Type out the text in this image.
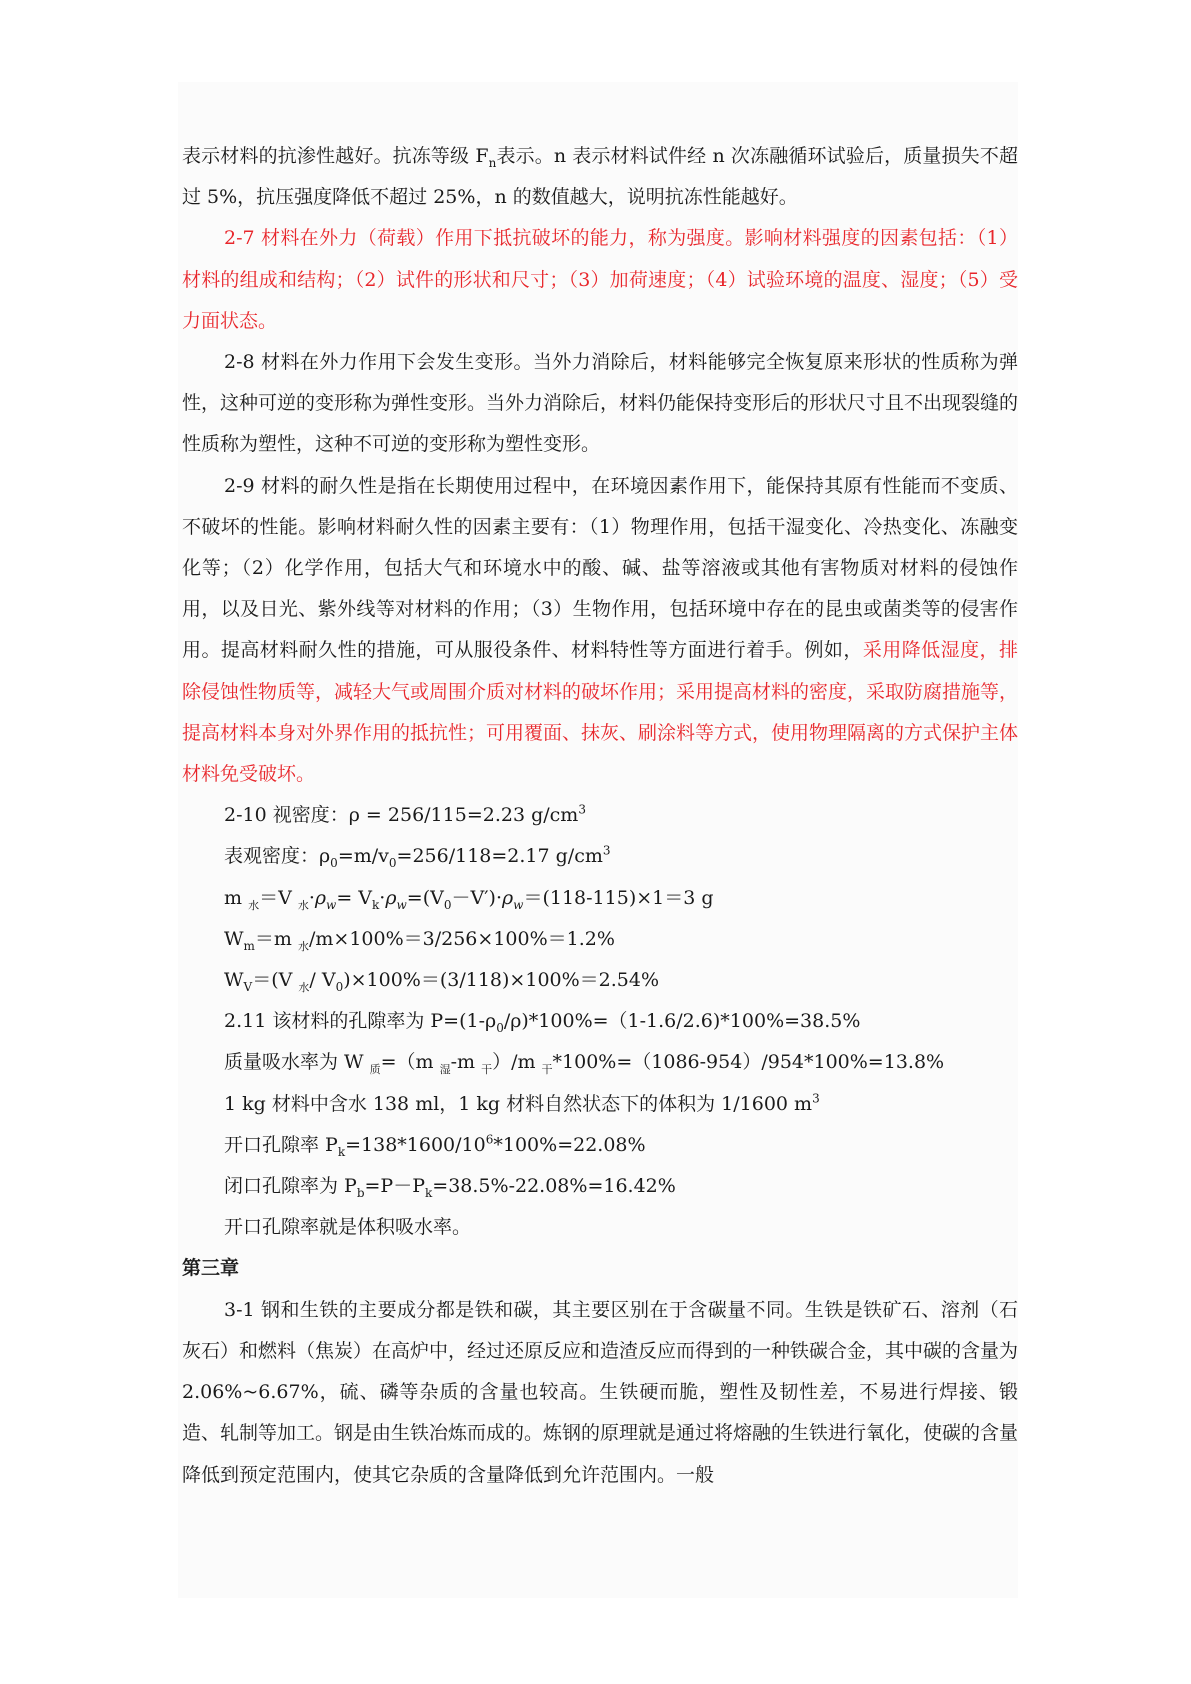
表示材料的抗渗性越好。抗冻等级 $F_n$表示。n 表示材料试件经 n 次冻融循环试验后，质量损失不超过 5%，抗压强度降低不超过 25%，n 的数值越大，说明抗冻性能越好。

2-7 材料在外力（荷载）作用下抵抗破坏的能力，称为强度。影响材料强度的因素包括：（1）材料的组成和结构；（2）试件的形状和尺寸；（3）加荷速度；（4）试验环境的温度、湿度；（5）受力面状态。

2-8 材料在外力作用下会发生变形。当外力消除后，材料能够完全恢复原来形状的性质称为弹性，这种可逆的变形称为弹性变形。当外力消除后，材料仍能保持变形后的形状尺寸且不出现裂缝的性质称为塑性，这种不可逆的变形称为塑性变形。

2-9 材料的耐久性是指在长期使用过程中，在环境因素作用下，能保持其原有性能而不变质、不破坏的性能。影响材料耐久性的因素主要有：（1）物理作用，包括干湿变化、冷热变化、冻融变化等；（2）化学作用，包括大气和环境水中的酸、碱、盐等溶液或其他有害物质对材料的侵蚀作用，以及日光、紫外线等对材料的作用；（3）生物作用，包括环境中存在的昆虫或菌类等的侵害作用。提高材料耐久性的措施，可从服役条件、材料特性等方面进行着手。例如，采用降低湿度，排除侵蚀性物质等，减轻大气或周围介质对材料的破坏作用；采用提高材料的密度，采取防腐措施等，提高材料本身对外界作用的抵抗性；可用覆面、抹灰、刷涂料等方式，使用物理隔离的方式保护主体材料免受破坏。

2-10 视密度：ρ = 256/115=2.23 $g/cm^3$

表观密度：$\rho_0=m/v_0=256/118=2.17$ $g/cm^3$

m $_水$＝V $_水\cdot\rho_w= V_k\cdot\rho_w=(V_0-V')\cdot\rho_w=(118-115)\times 1=3$ g

$W_m=m$ $_水$/m×100%＝3/256×100%＝1.2%

$W_V=(V$ $_水$/ $V_0)\times 100\%=(3/118)\times 100\%=2.54\%$

2.11 该材料的孔隙率为 $P=(1-\rho_0/\rho)*100\%=(1-1.6/2.6)*100\%=38.5\%$

质量吸水率为 W $_质$=（m $_湿$-m $_干$）/m $_干$*100%=（1086-954）/954*100%=13.8%

1 kg 材料中含水 138 ml，1 kg 材料自然状态下的体积为 1/1600 $m^3$

开口孔隙率 $P_k=138*1600/10^6*100\%=22.08\%$

闭口孔隙率为 $P_b=P-P_k=38.5\%-22.08\%=16.42\%$

开口孔隙率就是体积吸水率。

第三章

3-1 钢和生铁的主要成分都是铁和碳，其主要区别在于含碳量不同。生铁是铁矿石、溶剂（石灰石）和燃料（焦炭）在高炉中，经过还原反应和造渣反应而得到的一种铁碳合金，其中碳的含量为 2.06%~6.67%，硫、磷等杂质的含量也较高。生铁硬而脆，塑性及韧性差，不易进行焊接、锻造、轧制等加工。钢是由生铁冶炼而成的。炼钢的原理就是通过将熔融的生铁进行氧化，使碳的含量降低到预定范围内，使其它杂质的含量降低到允许范围内。一般
